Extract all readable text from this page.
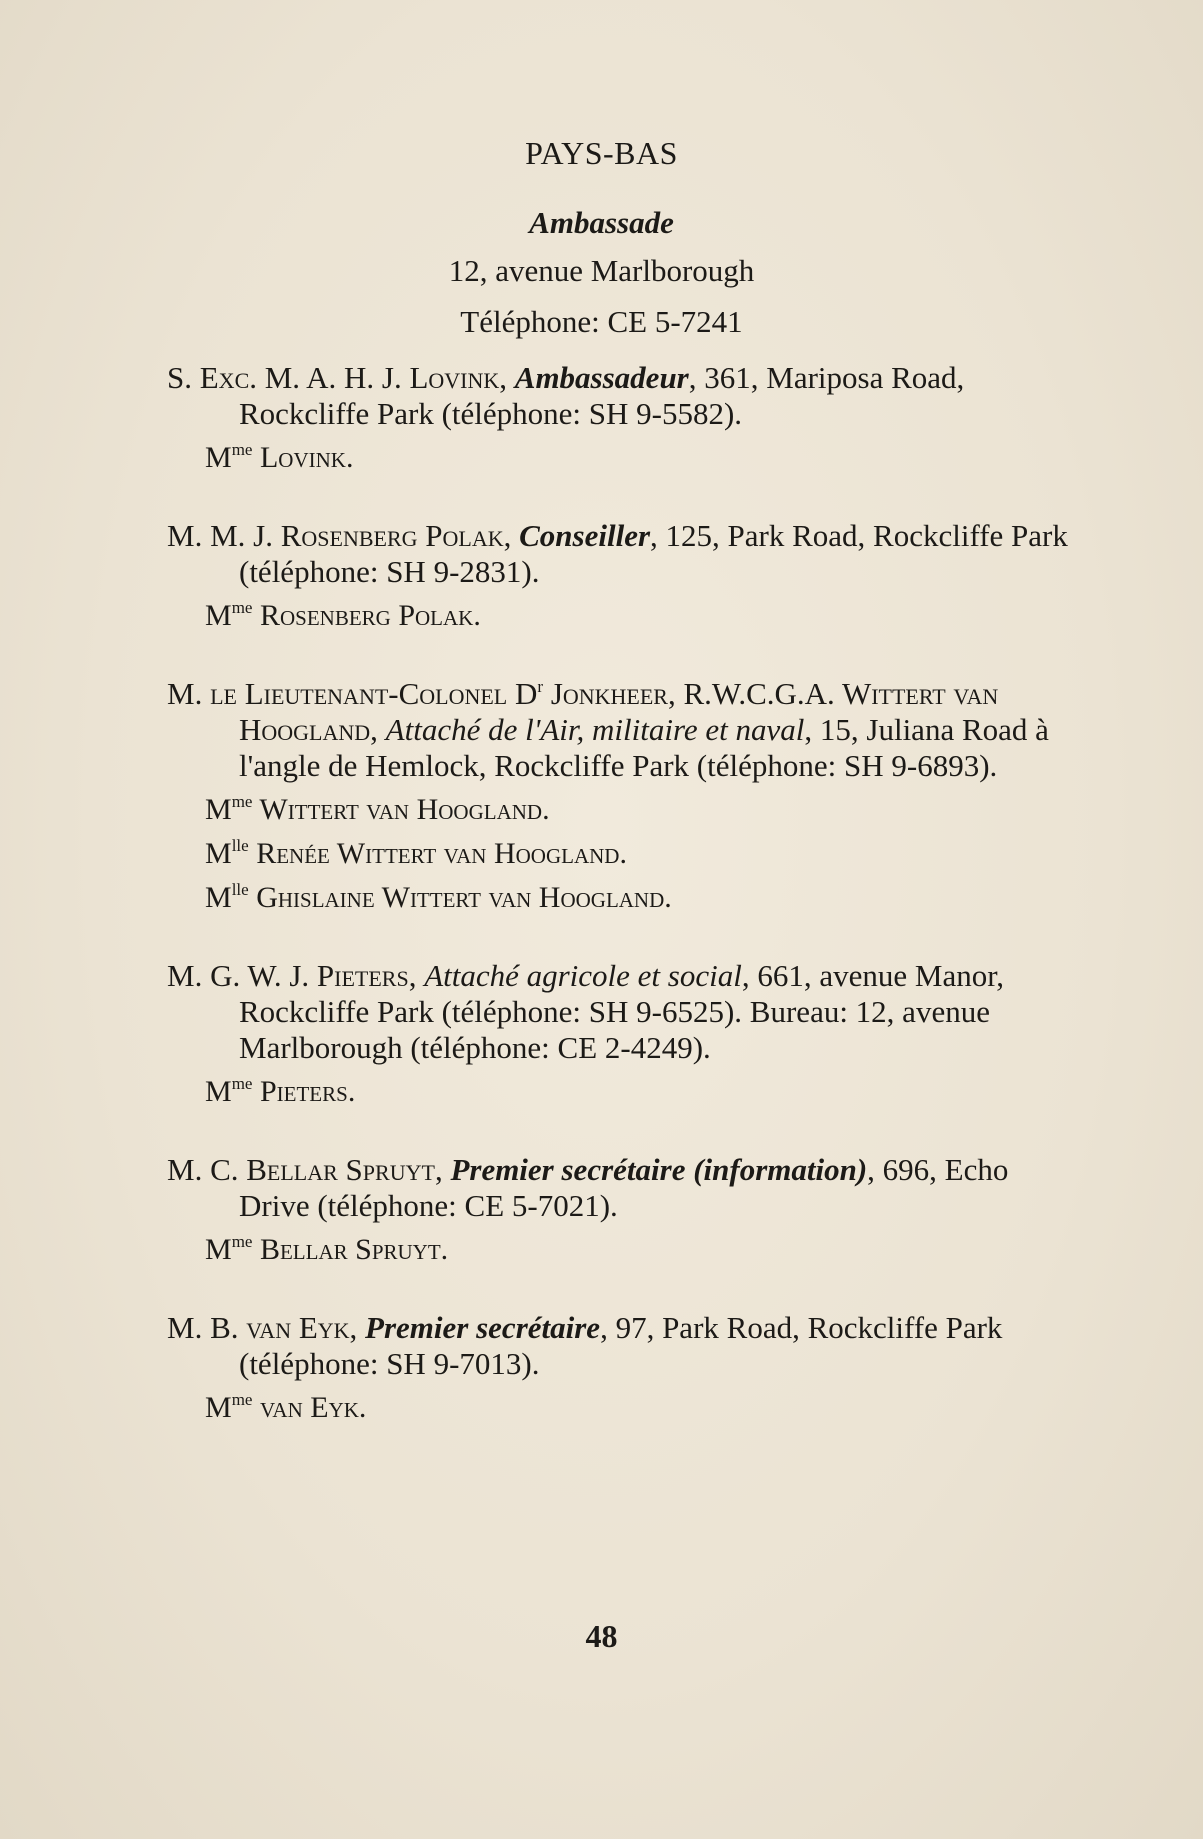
PAYS-BAS
Ambassade
12, avenue Marlborough
Téléphone: CE 5-7241

S. Exc. M. A. H. J. Lovink, Ambassadeur, 361, Mariposa Road, Rockcliffe Park (téléphone: SH 9-5582).

$M^{me}$ Lovink.

M. M. J. Rosenberg Polak, Conseiller, 125, Park Road, Rockcliffe Park (téléphone: SH 9-2831).

$M^{me}$ Rosenberg Polak.

M. le Lieutenant-Colonel $D^r$ Jonkheer, R.W.C.G.A. Wittert van Hoogland, Attaché de l'Air, militaire et naval, 15, Juliana Road à l'angle de Hemlock, Rockcliffe Park (téléphone: SH 9-6893).

$M^{me}$ Wittert van Hoogland.

$M^{lle}$ Renée Wittert van Hoogland.

$M^{lle}$ Ghislaine Wittert van Hoogland.

M. G. W. J. Pieters, Attaché agricole et social, 661, avenue Manor, Rockcliffe Park (téléphone: SH 9-6525). Bureau: 12, avenue Marlborough (téléphone: CE 2-4249).

$M^{me}$ Pieters.

M. C. Bellar Spruyt, Premier secrétaire (information), 696, Echo Drive (téléphone: CE 5-7021).

$M^{me}$ Bellar Spruyt.

M. B. van Eyk, Premier secrétaire, 97, Park Road, Rockcliffe Park (téléphone: SH 9-7013).

$M^{me}$ van Eyk.

48
